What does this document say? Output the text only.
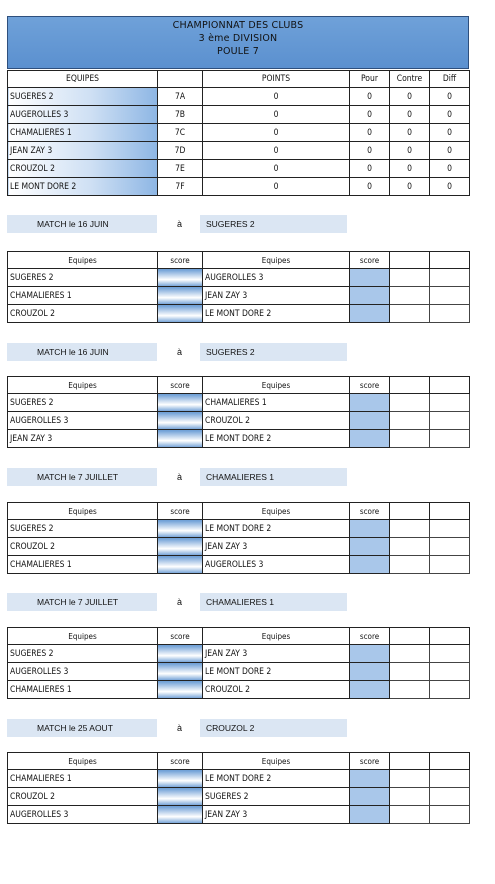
CHAMPIONNAT DES CLUBS
3 ème DIVISION
POULE 7
EQUIPES		POINTS	Pour	Contre	Diff
SUGERES 2	7A	0	0	0	0
AUGEROLLES 3	7B	0	0	0	0
CHAMALIERES 1	7C	0	0	0	0
JEAN ZAY 3	7D	0	0	0	0
CROUZOL 2	7E	0	0	0	0
LE MONT DORE 2	7F	0	0	0	0
MATCH le 16 JUIN	à	SUGERES 2
Equipes	score	Equipes	score		
SUGERES 2		AUGEROLLES 3			
CHAMALIERES 1		JEAN ZAY 3			
CROUZOL 2		LE MONT DORE 2			
MATCH le 16 JUIN	à	SUGERES 2
Equipes	score	Equipes	score		
SUGERES 2		CHAMALIERES 1			
AUGEROLLES 3		CROUZOL 2			
JEAN ZAY 3		LE MONT DORE 2			
MATCH le 7 JUILLET	à	CHAMALIERES 1
Equipes	score	Equipes	score		
SUGERES 2		LE MONT DORE 2			
CROUZOL 2		JEAN ZAY 3			
CHAMALIERES 1		AUGEROLLES 3			
MATCH le 7 JUILLET	à	CHAMALIERES 1
Equipes	score	Equipes	score		
SUGERES 2		JEAN ZAY 3			
AUGEROLLES 3		LE MONT DORE 2			
CHAMALIERES 1		CROUZOL 2			
MATCH le 25 AOUT	à	CROUZOL 2
Equipes	score	Equipes	score		
CHAMALIERES 1		LE MONT DORE 2			
CROUZOL 2		SUGERES 2			
AUGEROLLES 3		JEAN ZAY 3			
